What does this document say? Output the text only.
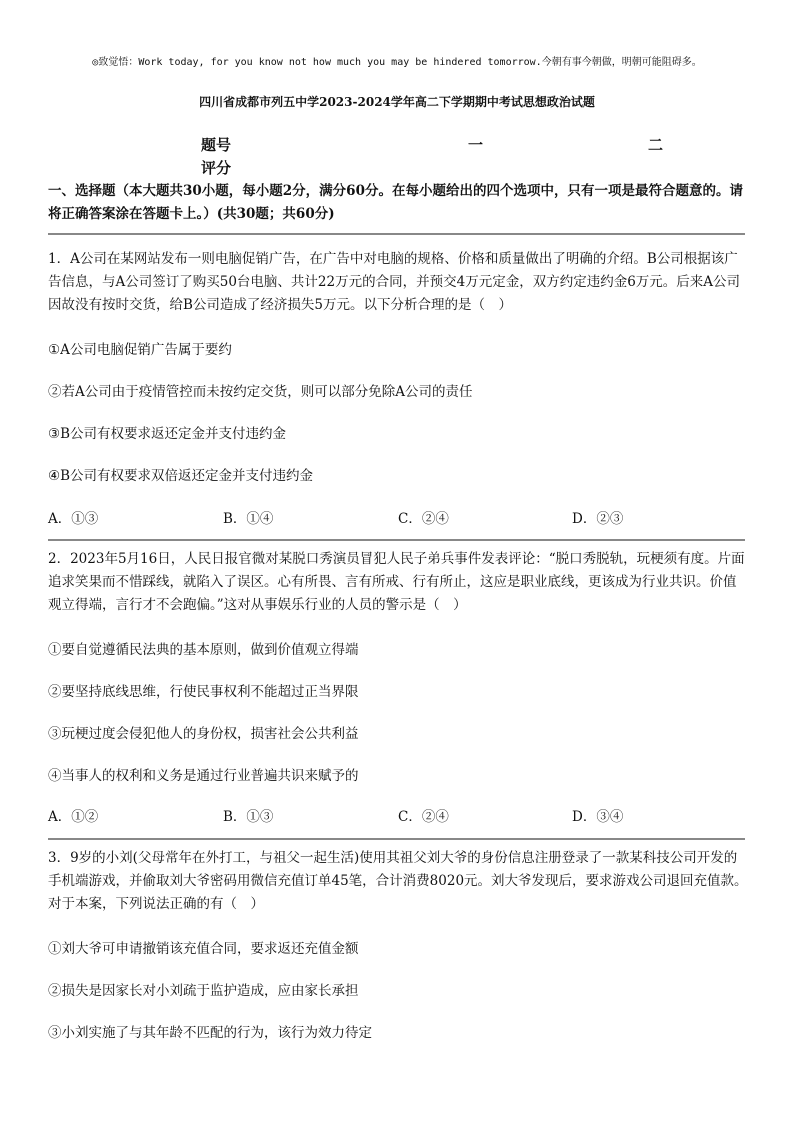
◎致觉悟：Work today, for you know not how much you may be hindered tomorrow.今朝有事今朝做，明朝可能阻碍多。
四川省成都市列五中学2023-2024学年高二下学期期中考试思想政治试题
题号	一	二
评分
一、选择题（本大题共30小题，每小题2分，满分60分。在每小题给出的四个选项中，只有一项是最符合题意的。请将正确答案涂在答题卡上。）(共30题；共60分)
1．A公司在某网站发布一则电脑促销广告，在广告中对电脑的规格、价格和质量做出了明确的介绍。B公司根据该广告信息，与A公司签订了购买50台电脑、共计22万元的合同，并预交4万元定金，双方约定违约金6万元。后来A公司因故没有按时交货，给B公司造成了经济损失5万元。以下分析合理的是（　）
①A公司电脑促销广告属于要约
②若A公司由于疫情管控而未按约定交货，则可以部分免除A公司的责任
③B公司有权要求返还定金并支付违约金
④B公司有权要求双倍返还定金并支付违约金
A．①③	B．①④	C．②④	D．②③
2．2023年5月16日，人民日报官微对某脱口秀演员冒犯人民子弟兵事件发表评论：“脱口秀脱轨，玩梗须有度。片面追求笑果而不惜踩线，就陷入了误区。心有所畏、言有所戒、行有所止，这应是职业底线，更该成为行业共识。价值观立得端，言行才不会跑偏。”这对从事娱乐行业的人员的警示是（　）
①要自觉遵循民法典的基本原则，做到价值观立得端
②要坚持底线思维，行使民事权利不能超过正当界限
③玩梗过度会侵犯他人的身份权，损害社会公共利益
④当事人的权利和义务是通过行业普遍共识来赋予的
A．①②	B．①③	C．②④	D．③④
3．9岁的小刘(父母常年在外打工，与祖父一起生活)使用其祖父刘大爷的身份信息注册登录了一款某科技公司开发的手机端游戏，并偷取刘大爷密码用微信充值订单45笔，合计消费8020元。刘大爷发现后，要求游戏公司退回充值款。对于本案，下列说法正确的有（　）
①刘大爷可申请撤销该充值合同，要求返还充值金额
②损失是因家长对小刘疏于监护造成，应由家长承担
③小刘实施了与其年龄不匹配的行为，该行为效力待定
